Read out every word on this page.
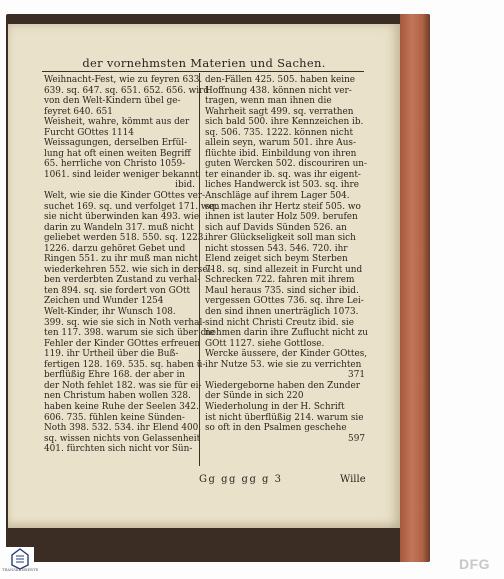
der vornehmsten Materien und Sachen.
Weihnacht-Fest, wie zu feyren 633.
639. sq. 647. sq. 651. 652. 656. wird
von den Welt-Kindern übel ge-
feyret 640. 651
Weisheit, wahre, kömmt aus der
Furcht GOttes 1114
Weissagungen, derselben Erfül-
lung hat oft einen weiten Begriff
65. herrliche von Christo 1059-
1061. sind leider weniger bekannt
ibid.
Welt, wie sie die Kinder GOttes ver-
suchet 169. sq. und verfolget 171. wen
sie nicht überwinden kan 493. wie
darin zu Wandeln 317. muß nicht
geliebet werden 518. 550. sq. 1223.
1226. darzu gehöret Gebet und
Ringen 551. zu ihr muß man nicht
wiederkehren 552. wie sich in dersel-
ben verderbten Zustand zu verhal-
ten 894. sq. sie fordert von GOtt
Zeichen und Wunder 1254
Welt-Kinder, ihr Wunsch 108.
399. sq. wie sie sich in Noth verhal-
ten 117. 398. warum sie sich über die
Fehler der Kinder GOttes erfreuen
119. ihr Urtheil über die Buß-
fertigen 128. 169. 535. sq. haben ü-
berflüßig Ehre 168. der aber in
der Noth fehlet 182. was sie für ei-
nen Christum haben wollen 328.
haben keine Ruhe der Seelen 342.
606. 735. fühlen keine Sünden-
Noth 398. 532. 534. ihr Elend 400.
sq. wissen nichts von Gelassenheit
401. fürchten sich nicht vor Sün-
den-Fällen 425. 505. haben keine
Hoffnung 438. können nicht ver-
tragen, wenn man ihnen die
Wahrheit sagt 499. sq. verrathen
sich bald 500. ihre Kennzeichen ib.
sq. 506. 735. 1222. können nicht
allein seyn, warum 501. ihre Aus-
flüchte ibid. Einbildung von ihren
guten Wercken 502. discouriren un-
ter einander ib. sq. was ihr eigent-
liches Handwerck ist 503. sq. ihre
Anschläge auf ihrem Lager 504.
sq. machen ihr Hertz steif 505. wo
ihnen ist lauter Holz 509. berufen
sich auf Davids Sünden 526. an
ihrer Glückseligkeit soll man sich
nicht stossen 543. 546. 720. ihr
Elend zeiget sich beym Sterben
718. sq. sind allezeit in Furcht und
Schrecken 722. fahren mit ihrem
Maul heraus 735. sind sicher ibid.
vergessen GOttes 736. sq. ihre Lei-
den sind ihnen unerträglich 1073.
sind nicht Christi Creutz ibid. sie
nehmen darin ihre Zuflucht nicht zu
GOtt 1127. siehe Gottlose.
Wercke äussere, der Kinder GOttes,
ihr Nutze 53. wie sie zu verrichten
371
Wiedergeborne haben den Zunder
der Sünde in sich 220
Wiederholung in der H. Schrift
ist nicht überflüßig 214. warum sie
so oft in den Psalmen geschehe
597
Gg gg gg g 3	Wille
TRANSKRIBIERTE	DFG
